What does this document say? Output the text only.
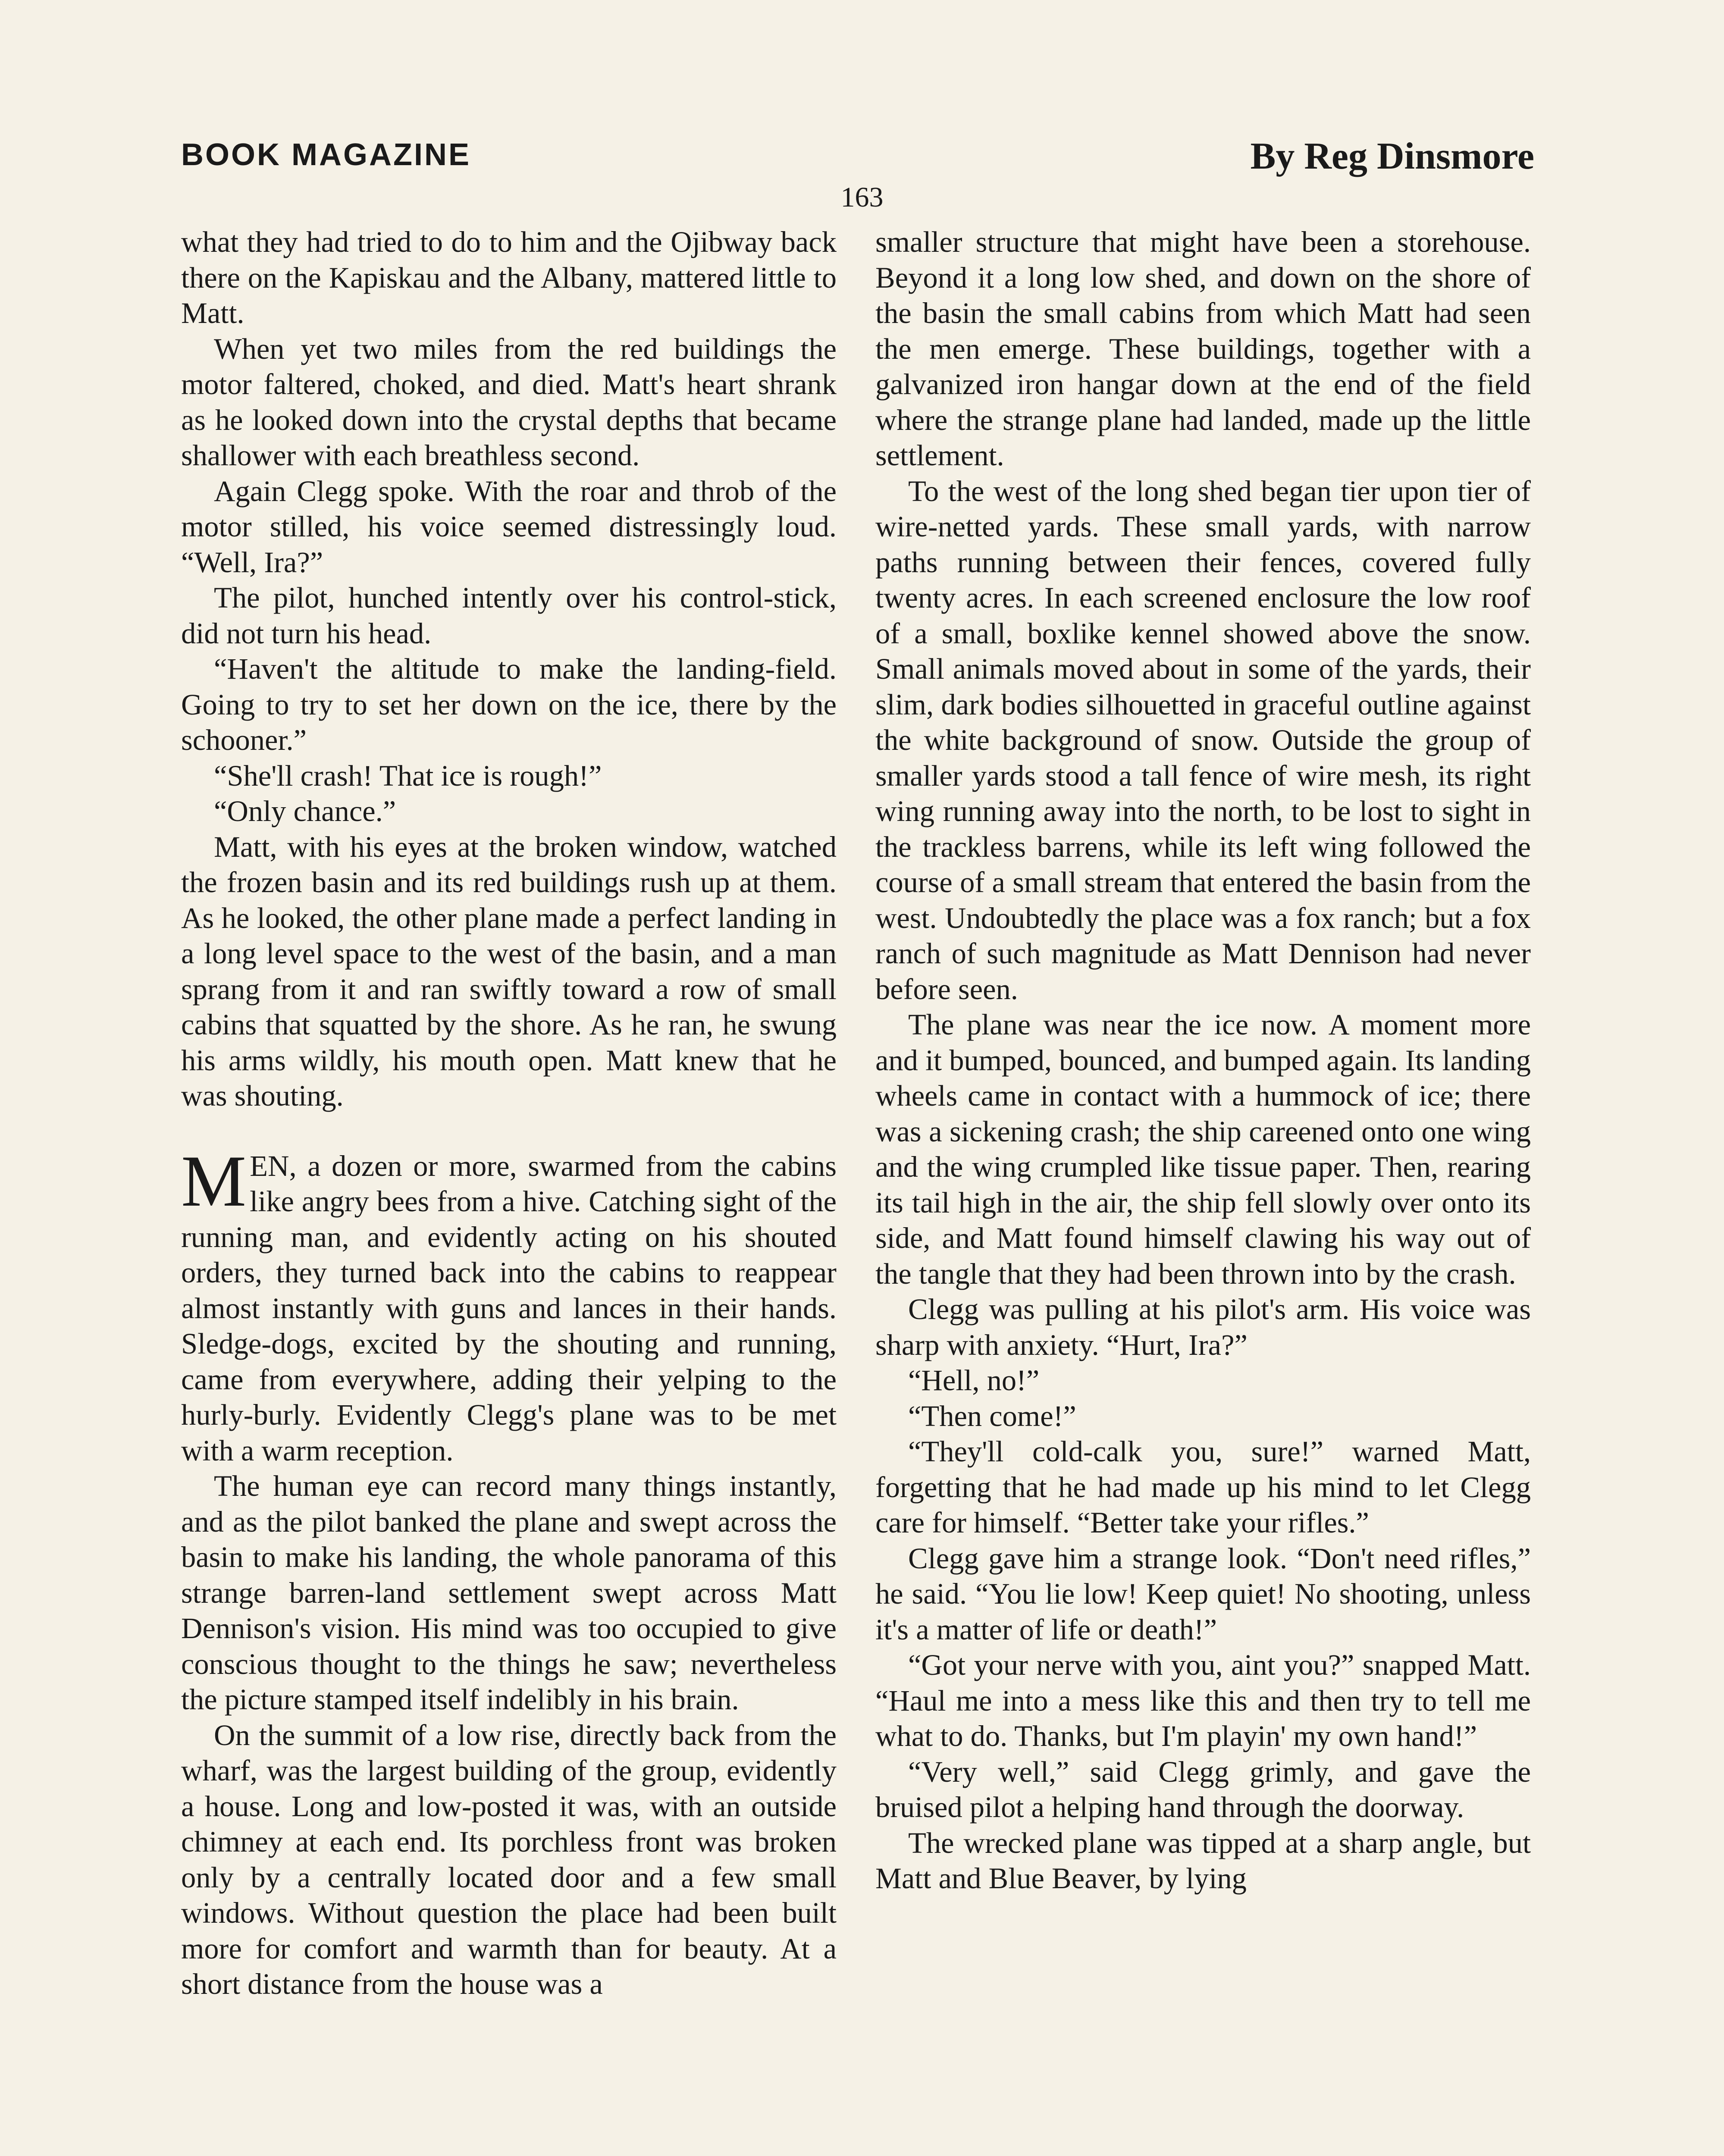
BOOK MAGAZINE	By Reg Dinsmore
163

what they had tried to do to him and the Ojibway back there on the Kapiskau and the Albany, mattered little to Matt.

When yet two miles from the red buildings the motor faltered, choked, and died. Matt's heart shrank as he looked down into the crystal depths that became shallower with each breathless second.

Again Clegg spoke. With the roar and throb of the motor stilled, his voice seemed distressingly loud. “Well, Ira?”

The pilot, hunched intently over his control-stick, did not turn his head.

“Haven't the altitude to make the landing-field. Going to try to set her down on the ice, there by the schooner.”

“She'll crash! That ice is rough!”

“Only chance.”

Matt, with his eyes at the broken window, watched the frozen basin and its red buildings rush up at them. As he looked, the other plane made a perfect landing in a long level space to the west of the basin, and a man sprang from it and ran swiftly toward a row of small cabins that squatted by the shore. As he ran, he swung his arms wildly, his mouth open. Matt knew that he was shouting.

MEN, a dozen or more, swarmed from the cabins like angry bees from a hive. Catching sight of the running man, and evidently acting on his shouted orders, they turned back into the cabins to reappear almost instantly with guns and lances in their hands. Sledge-dogs, excited by the shouting and running, came from everywhere, adding their yelping to the hurly-burly. Evidently Clegg's plane was to be met with a warm reception.

The human eye can record many things instantly, and as the pilot banked the plane and swept across the basin to make his landing, the whole panorama of this strange barren-land settlement swept across Matt Dennison's vision. His mind was too occupied to give conscious thought to the things he saw; nevertheless the picture stamped itself indelibly in his brain.

On the summit of a low rise, directly back from the wharf, was the largest building of the group, evidently a house. Long and low-posted it was, with an outside chimney at each end. Its porchless front was broken only by a centrally located door and a few small windows. Without question the place had been built more for comfort and warmth than for beauty. At a short distance from the house was a

smaller structure that might have been a storehouse. Beyond it a long low shed, and down on the shore of the basin the small cabins from which Matt had seen the men emerge. These buildings, together with a galvanized iron hangar down at the end of the field where the strange plane had landed, made up the little settlement.

To the west of the long shed began tier upon tier of wire-netted yards. These small yards, with narrow paths running between their fences, covered fully twenty acres. In each screened enclosure the low roof of a small, boxlike kennel showed above the snow. Small animals moved about in some of the yards, their slim, dark bodies silhouetted in graceful outline against the white background of snow. Outside the group of smaller yards stood a tall fence of wire mesh, its right wing running away into the north, to be lost to sight in the trackless barrens, while its left wing followed the course of a small stream that entered the basin from the west. Undoubtedly the place was a fox ranch; but a fox ranch of such magnitude as Matt Dennison had never before seen.

The plane was near the ice now. A moment more and it bumped, bounced, and bumped again. Its landing wheels came in contact with a hummock of ice; there was a sickening crash; the ship careened onto one wing and the wing crumpled like tissue paper. Then, rearing its tail high in the air, the ship fell slowly over onto its side, and Matt found himself clawing his way out of the tangle that they had been thrown into by the crash.

Clegg was pulling at his pilot's arm. His voice was sharp with anxiety. “Hurt, Ira?”

“Hell, no!”

“Then come!”

“They'll cold-calk you, sure!” warned Matt, forgetting that he had made up his mind to let Clegg care for himself. “Better take your rifles.”

Clegg gave him a strange look. “Don't need rifles,” he said. “You lie low! Keep quiet! No shooting, unless it's a matter of life or death!”

“Got your nerve with you, aint you?” snapped Matt. “Haul me into a mess like this and then try to tell me what to do. Thanks, but I'm playin' my own hand!”

“Very well,” said Clegg grimly, and gave the bruised pilot a helping hand through the doorway.

The wrecked plane was tipped at a sharp angle, but Matt and Blue Beaver, by lying
